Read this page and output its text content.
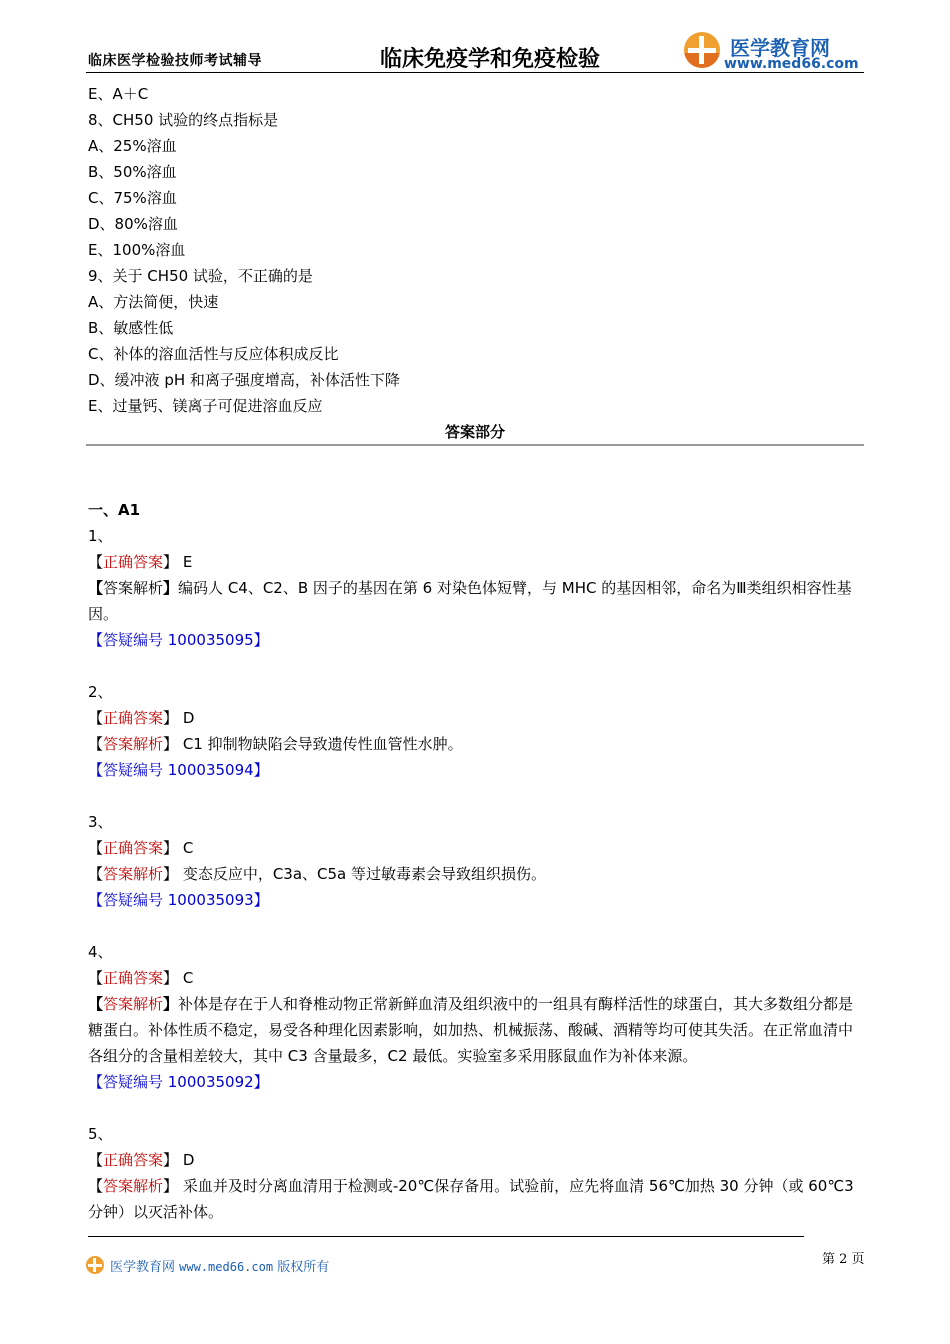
临床医学检验技师考试辅导	临床免疫学和免疫检验	医学教育网
www.med66.com
E、A＋C
8、CH50 试验的终点指标是
A、25%溶血
B、50%溶血
C、75%溶血
D、80%溶血
E、100%溶血
9、关于 CH50 试验，不正确的是
A、方法简便，快速
B、敏感性低
C、补体的溶血活性与反应体积成反比
D、缓冲液 pH 和离子强度增高，补体活性下降
E、过量钙、镁离子可促进溶血反应
答案部分
一、A1
1、
【正确答案】 E
【答案解析】编码人 C4、C2、B 因子的基因在第 6 对染色体短臂，与 MHC 的基因相邻，命名为Ⅲ类组织相容性基因。
【答疑编号 100035095】
2、
【正确答案】 D
【答案解析】 C1 抑制物缺陷会导致遗传性血管性水肿。
【答疑编号 100035094】
3、
【正确答案】 C
【答案解析】 变态反应中，C3a、C5a 等过敏毒素会导致组织损伤。
【答疑编号 100035093】
4、
【正确答案】 C
【答案解析】补体是存在于人和脊椎动物正常新鲜血清及组织液中的一组具有酶样活性的球蛋白，其大多数组分都是糖蛋白。补体性质不稳定，易受各种理化因素影响，如加热、机械振荡、酸碱、酒精等均可使其失活。在正常血清中各组分的含量相差较大，其中 C3 含量最多，C2 最低。实验室多采用豚鼠血作为补体来源。
【答疑编号 100035092】
5、
【正确答案】 D
【答案解析】 采血并及时分离血清用于检测或-20℃保存备用。试验前，应先将血清 56℃加热 30 分钟（或 60℃3 分钟）以灭活补体。
医学教育网 www.med66.com 版权所有
第 2 页
